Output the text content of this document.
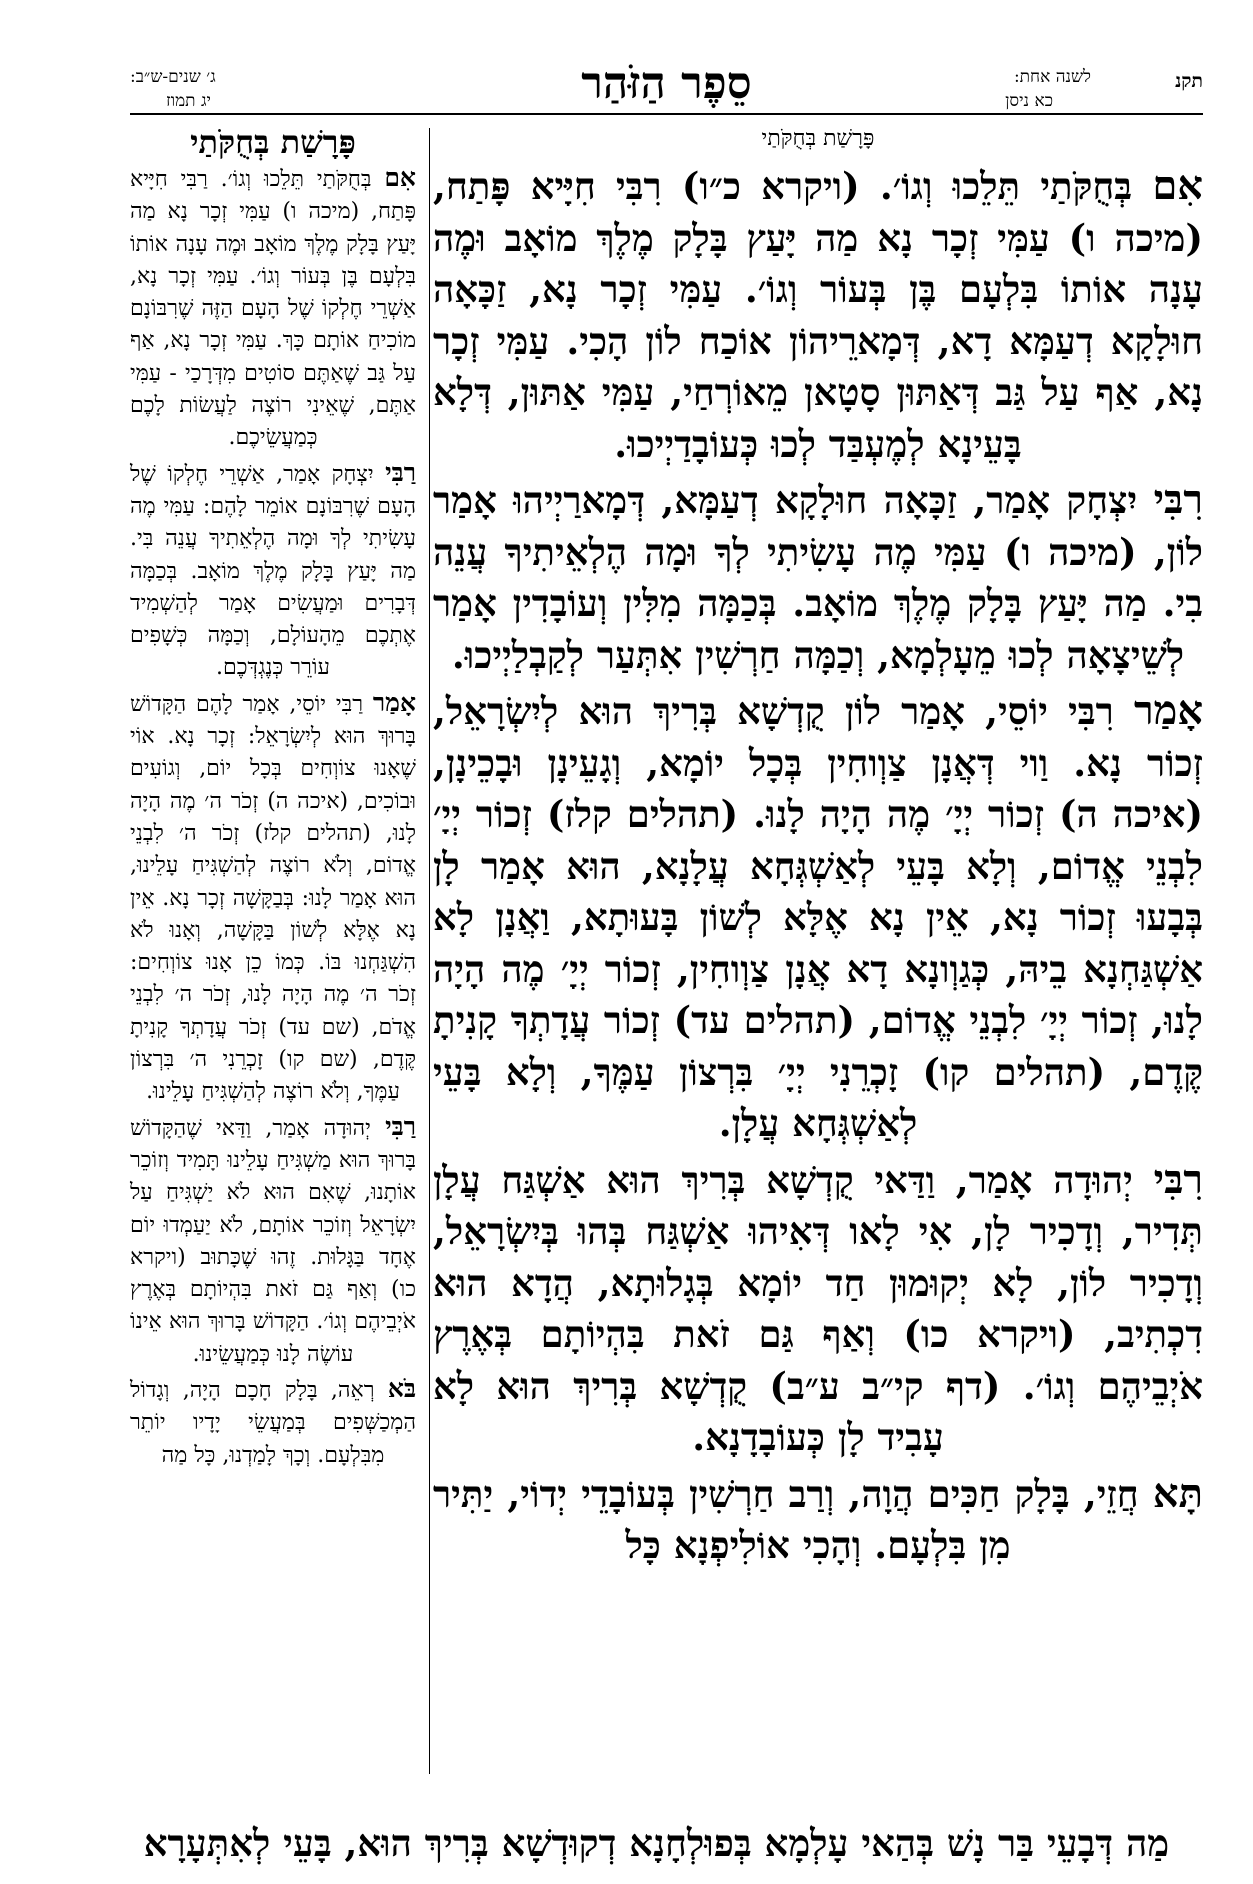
תקנ
לשנה אחת:
כא ניסן
סֵפֶר הַזֹּהַר
ג׳ שנים-ש״ב:
יג תמוז
פָּרָשַׁת בְּחֻקֹּתַי

אִם בְּחֻקֹּתַי תֵּלֵכוּ וְגוֹ׳. (ויקרא כ״ו) רִבִּי חִיָּיא פָּתַח, (מיכה ו) עַמִּי זְכָר נָא מַה יָּעַץ בָּלָק מֶלֶךְ מוֹאָב וּמֶה עָנָה אוֹתוֹ בִּלְעָם בֶּן בְּעוֹר וְגוֹ׳. עַמִּי זְכָר נָא, זַכָּאָה חוּלָקָא דְעַמָּא דָא, דְּמָארֵיהוֹן אוֹכַח לוֹן הָכִי. עַמִּי זְכָר נָא, אַף עַל גַּב דְּאַתּוּן סָטָאן מֵאוֹרְחַי, עַמִּי אַתּוּן, דְּלָא בָּעֵינָא לְמֶעְבַּד לְכוּ כְּעוֹבָדַיְיכוּ.

רִבִּי יִצְחָק אָמַר, זַכָּאָה חוּלָקָא דְעַמָּא, דְּמָארַיְיהוּ אָמַר לוֹן, (מיכה ו) עַמִּי מֶה עָשִׂיתִי לְךָ וּמָה הֶלְאֵיתִיךָ עֲנֵה בִי. מַה יָּעַץ בָּלָק מֶלֶךְ מוֹאָב. בְּכַמָּה מִלִּין וְעוֹבָדִין אָמַר לְשֵׁיצָאָה לְכוּ מֵעָלְמָא, וְכַמָּה חַרְשִׁין אִתְּעַר לְקַבְלַיְיכוּ.

אָמַר רִבִּי יוֹסֵי, אָמַר לוֹן קֻדְשָׁא בְּרִיךְ הוּא לְיִשְׂרָאֵל, זְכוֹר נָא. וַוי דְּאֲנָן צַוְוחִין בְּכָל יוֹמָא, וְגָעֵינָן וּבָכֵינָן, (איכה ה) זְכוֹר יְיָ׳ מֶה הָיָה לָנוּ. (תהלים קלז) זְכוֹר יְיָ׳ לִבְנֵי אֱדוֹם, וְלָא בָּעֵי לְאַשְׁגְּחָא עֲלָנָא, הוּא אָמַר לָן בְּבָעוּ זְכוֹר נָא, אֵין נָא אֶלָּא לְשׁוֹן בָּעוּתָא, וַאֲנָן לָא אַשְׁגַּחְנָא בֵיהּ, כְּגַוְונָא דָא אֲנָן צַוְוחִין, זְכוֹר יְיָ׳ מֶה הָיָה לָנוּ, זְכוֹר יְיָ׳ לִבְנֵי אֱדוֹם, (תהלים עד) זְכוֹר עֲדָתְךָ קָנִיתָ קֶּדֶם, (תהלים קו) זָכְרֵנִי יְיָ׳ בִּרְצוֹן עַמֶּךָ, וְלָא בָּעֵי לְאַשְׁגְּחָא עֲלָן.

רִבִּי יְהוּדָה אָמַר, וַדַּאי קֻדְשָׁא בְּרִיךְ הוּא אַשְׁגַּח עֲלָן תְּדִיר, וְדָכִיר לָן, אִי לָאו דְּאִיהוּ אַשְׁגַּח בְּהוּ בְּיִשְׂרָאֵל, וְדָכִיר לוֹן, לָא יְקוּמוּן חַד יוֹמָא בְּגָלוּתָא, הֲדָא הוּא דִכְתִיב, (ויקרא כו) וְאַף גַּם זֹאת בִּהְיוֹתָם בְּאֶרֶץ אֹיְבֵיהֶם וְגוֹ׳. (דף קי״ב ע״ב) קֻדְשָׁא בְּרִיךְ הוּא לָא עָבִיד לָן כְּעוֹבָדָנָא.

תָּא חֲזֵי, בָּלָק חַכִּים הֲוָה, וְרַב חַרְשִׁין בְּעוֹבָדֵי יְדוֹי, יַתִּיר מִן בִּלְעָם. וְהָכִי אוֹלִיפְנָא כָּל

פָּרָשַׁת בְּחֻקֹּתַי

אִם בְּחֻקֹּתַי תֵּלֵכוּ וְגוֹ׳. רַבִּי חִיָּיא פָּתַח, (מיכה ו) עַמִּי זְכָר נָא מַה יָּעַץ בָּלָק מֶלֶךְ מוֹאָב וּמֶה עָנָה אוֹתוֹ בִּלְעָם בֶּן בְּעוֹר וְגוֹ׳. עַמִּי זְכָר נָא, אַשְׁרֵי חֶלְקוֹ שֶׁל הָעָם הַזֶּה שֶׁרִבּוֹנָם מוֹכִיחַ אוֹתָם כָּךְ. עַמִּי זְכָר נָא, אַף עַל גַּב שֶׁאַתֶּם סוֹטִים מִדְּרָכַי - עַמִּי אַתֶּם, שֶׁאֵינִי רוֹצֶה לַעֲשׂוֹת לָכֶם כְּמַעֲשֵׂיכֶם.

רַבִּי יִצְחָק אָמַר, אַשְׁרֵי חֶלְקוֹ שֶׁל הָעָם שֶׁרִבּוֹנָם אוֹמֵר לָהֶם: עַמִּי מֶה עָשִׂיתִי לְךָ וּמָה הֶלְאֵתִיךָ עֲנֵה בִּי. מַה יָּעַץ בָּלָק מֶלֶךְ מוֹאָב. בְּכַמָּה דְּבָרִים וּמַעֲשִׂים אָמַר לְהַשְׁמִיד אֶתְכֶם מֵהָעוֹלָם, וְכַמָּה כְּשָׁפִים עוֹרֵר כְּנֶגְדְּכֶם.

אָמַר רַבִּי יוֹסֵי, אָמַר לָהֶם הַקָּדוֹשׁ בָּרוּךְ הוּא לְיִשְׂרָאֵל: זְכָר נָא. אוֹי שֶׁאָנוּ צוֹוְחִים בְּכָל יוֹם, וְגוֹעִים וּבוֹכִים, (איכה ה) זְכֹר ה׳ מֶה הָיָה לָנוּ, (תהלים קלז) זְכֹר ה׳ לִבְנֵי אֱדוֹם, וְלֹא רוֹצֶה לְהַשְׁגִּיחַ עָלֵינוּ, הוּא אָמַר לָנוּ: בְּבַקָּשָׁה זְכָר נָא. אֵין נָא אֶלָּא לְשׁוֹן בַּקָּשָׁה, וְאָנוּ לֹא הִשְׁגַּחְנוּ בּוֹ. כְּמוֹ כֵן אָנוּ צוֹוְחִים: זְכֹר ה׳ מֶה הָיָה לָנוּ, זְכֹר ה׳ לִבְנֵי אֱדֹם, (שם עד) זְכֹר עֲדָתְךָ קָנִיתָ קֶּדֶם, (שם קו) זָכְרֵנִי ה׳ בִּרְצוֹן עַמֶּךָ, וְלֹא רוֹצֶה לְהַשְׁגִּיחַ עָלֵינוּ.

רַבִּי יְהוּדָה אָמַר, וַדַּאי שֶׁהַקָּדוֹשׁ בָּרוּךְ הוּא מַשְׁגִּיחַ עָלֵינוּ תָּמִיד וְזוֹכֵר אוֹתָנוּ, שֶׁאִם הוּא לֹא יַשְׁגִּיחַ עַל יִשְׂרָאֵל וְזוֹכֵר אוֹתָם, לֹא יַעַמְדוּ יוֹם אֶחָד בַּגָּלוּת. זֶהוּ שֶׁכָּתוּב (ויקרא כו) וְאַף גַּם זֹאת בִּהְיוֹתָם בְּאֶרֶץ אֹיְבֵיהֶם וְגוֹ׳. הַקָּדוֹשׁ בָּרוּךְ הוּא אֵינוֹ עוֹשֶׂה לָנוּ כְּמַעֲשֵׂינוּ.

בֹּא רְאֵה, בָּלָק חָכָם הָיָה, וְגָדוֹל הַמְכַשְּׁפִים בְּמַעֲשֵׂי יָדָיו יוֹתֵר מִבִּלְעָם. וְכָךְ לָמַדְנוּ, כָּל מַה

מַה דְּבָעֵי בַּר נָשׁ בְּהַאי עָלְמָא בְּפוּלְחָנָא דְקוּדְשָׁא בְּרִיךְ הוּא, בָּעֵי לְאִתְּעָרָא
